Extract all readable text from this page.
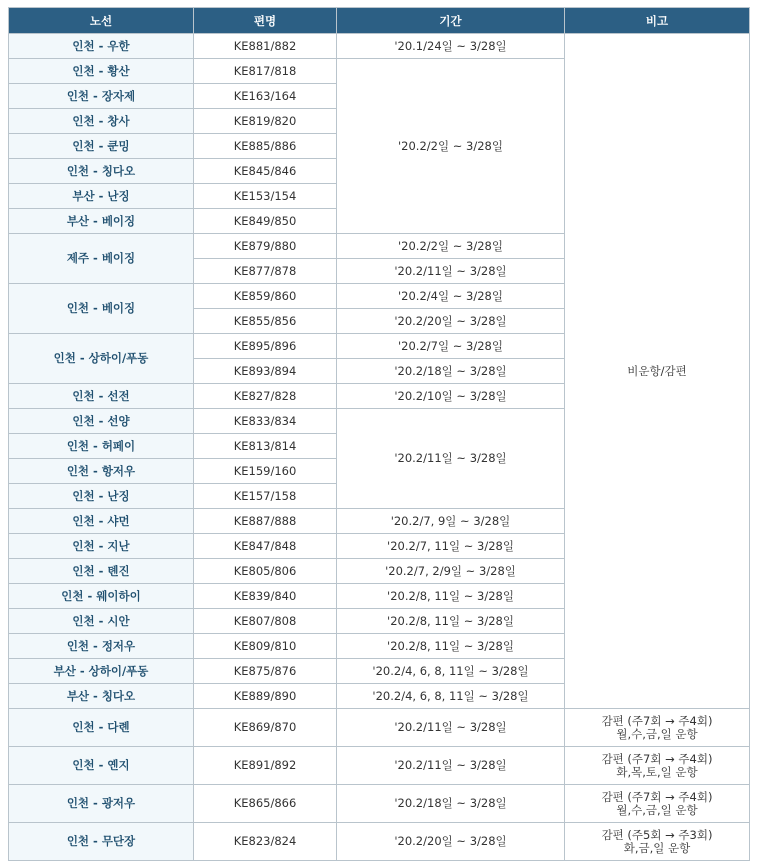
노선	편명	기간	비고
인천 - 우한	KE881/882	'20.1/24일 ~ 3/28일	비운항/감편
인천 - 황산	KE817/818	'20.2/2일 ~ 3/28일	
인천 - 장자제	KE163/164		
인천 - 창사	KE819/820		
인천 - 쿤밍	KE885/886		
인천 - 칭다오	KE845/846		
부산 - 난징	KE153/154		
부산 - 베이징	KE849/850		
제주 - 베이징	KE879/880	'20.2/2일 ~ 3/28일	
	KE877/878	'20.2/11일 ~ 3/28일	
인천 - 베이징	KE859/860	'20.2/4일 ~ 3/28일	
	KE855/856	'20.2/20일 ~ 3/28일	
인천 - 상하이/푸동	KE895/896	'20.2/7일 ~ 3/28일	
	KE893/894	'20.2/18일 ~ 3/28일	
인천 - 선전	KE827/828	'20.2/10일 ~ 3/28일	
인천 - 선양	KE833/834	'20.2/11일 ~ 3/28일	
인천 - 허페이	KE813/814		
인천 - 항저우	KE159/160		
인천 - 난징	KE157/158		
인천 - 샤먼	KE887/888	'20.2/7, 9일 ~ 3/28일	
인천 - 지난	KE847/848	'20.2/7, 11일 ~ 3/28일	
인천 - 톈진	KE805/806	'20.2/7, 2/9일 ~ 3/28일	
인천 - 웨이하이	KE839/840	'20.2/8, 11일 ~ 3/28일	
인천 - 시안	KE807/808	'20.2/8, 11일 ~ 3/28일	
인천 - 정저우	KE809/810	'20.2/8, 11일 ~ 3/28일	
부산 - 상하이/푸동	KE875/876	'20.2/4, 6, 8, 11일 ~ 3/28일	
부산 - 칭다오	KE889/890	'20.2/4, 6, 8, 11일 ~ 3/28일	
인천 - 다롄	KE869/870	'20.2/11일 ~ 3/28일	감편 (주7회 → 주4회)
월,수,금,일 운항

인천 - 옌지	KE891/892	'20.2/11일 ~ 3/28일	감편 (주7회 → 주4회)
화,목,토,일 운항

인천 - 광저우	KE865/866	'20.2/18일 ~ 3/28일	감편 (주7회 → 주4회)
월,수,금,일 운항

인천 - 무단장	KE823/824	'20.2/20일 ~ 3/28일	감편 (주5회 → 주3회)
화,금,일 운항
